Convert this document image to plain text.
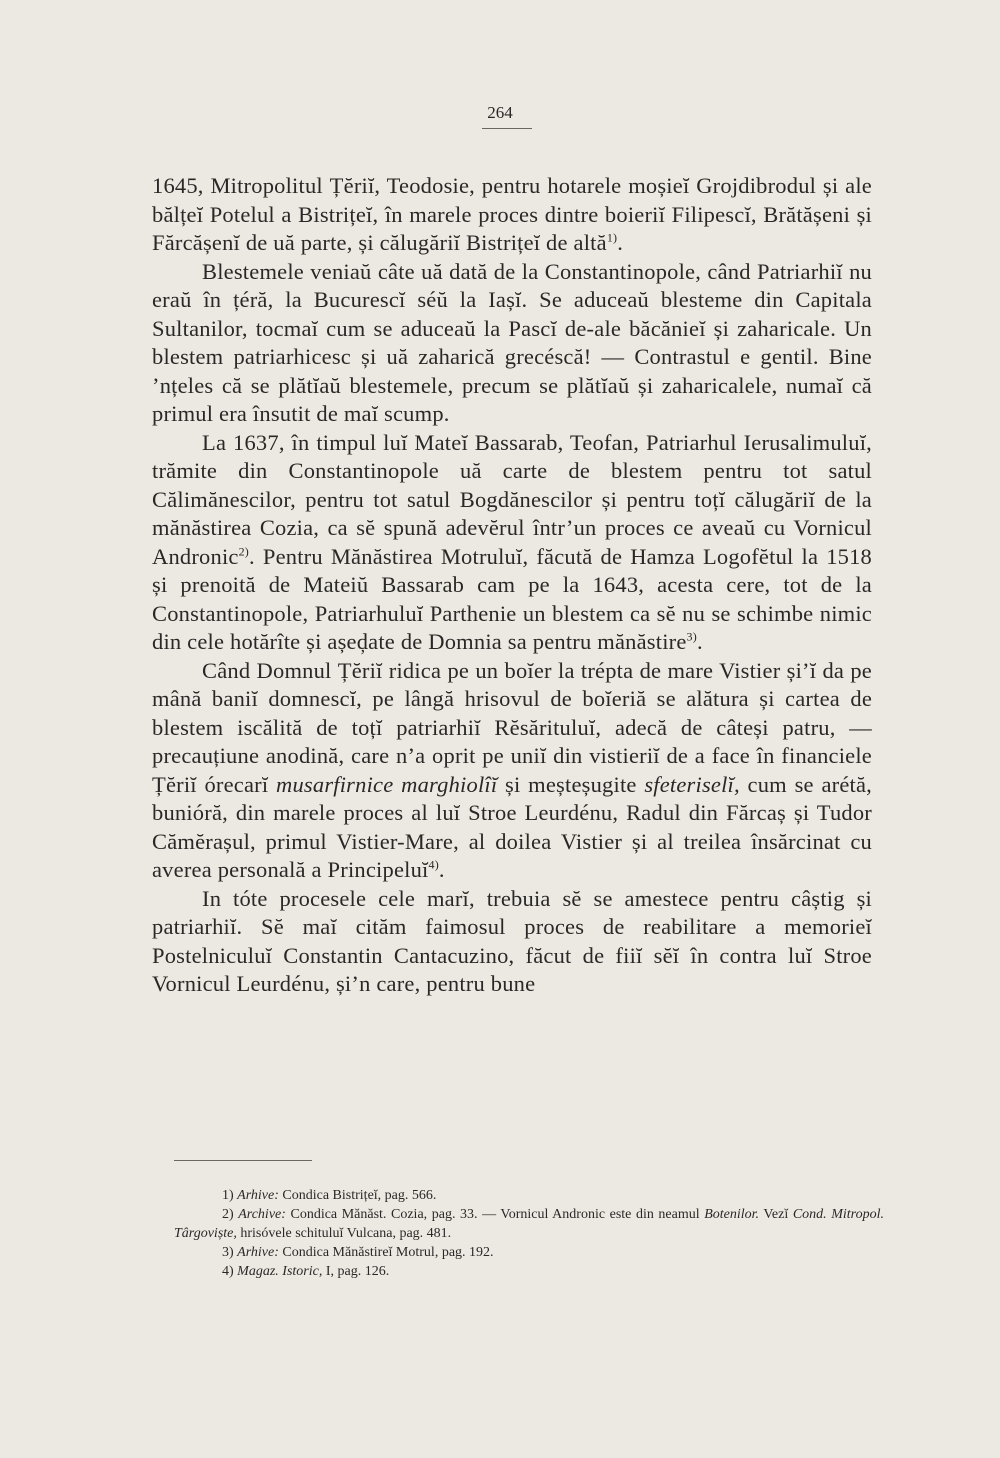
264

1645, Mitropolitul Țĕriĭ, Teodosie, pentru hotarele moșieĭ Grojdibrodul și ale bălțeĭ Potelul a Bistrițeĭ, în marele proces dintre boieriĭ Filipescĭ, Brătășeni și Fărcășenĭ de uă parte, și călugăriĭ Bistrițeĭ de altă$^{1)}$.

Blestemele veniaŭ câte uă dată de la Constantinopole, când Patriarhiĭ nu eraŭ în țéră, la Bucurescĭ séŭ la Iașĭ. Se aduceaŭ blesteme din Capitala Sultanilor, tocmaĭ cum se aduceaŭ la Pascĭ de-ale băcănieĭ și zaharicale. Un blestem patriarhicesc și uă zaharică grecéscă! — Contrastul e gentil. Bine ’nțeles că se plătĭaŭ blestemele, precum se plătĭaŭ și zaharicalele, numaĭ că primul era însutit de maĭ scump.

La 1637, în timpul luĭ Mateĭ Bassarab, Teofan, Patriarhul Ierusalimuluĭ, trămite din Constantinopole uă carte de blestem pentru tot satul Călimănescilor, pentru tot satul Bogdănescilor și pentru toțĭ călugăriĭ de la mănăstirea Cozia, ca sĕ spună adevĕrul într’un proces ce aveaŭ cu Vornicul Andronic$^{2)}$. Pentru Mănăstirea Motruluĭ, făcută de Hamza Logofĕtul la 1518 și prenoită de Mateiŭ Bassarab cam pe la 1643, acesta cere, tot de la Constantinopole, Patriarhuluĭ Parthenie un blestem ca sĕ nu se schimbe nimic din cele hotărîte și așeḑate de Domnia sa pentru mănăstire$^{3)}$.

Când Domnul Țĕriĭ ridica pe un boĭer la trépta de mare Vistier și’ĭ da pe mână baniĭ domnescĭ, pe lângă hrisovul de boĭeriă se alătura și cartea de blestem iscălită de toțĭ patriarhiĭ Rĕsărituluĭ, adecă de câteși patru, — precauțiune anodină, care n’a oprit pe uniĭ din vistieriĭ de a face în finanсiele Țĕriĭ órecarĭ musarfirnice marghiolîĭ și meșteșugite sfeteriselĭ, cum se arétă, bunióră, din marele proces al luĭ Stroe Leurdénu, Radul din Fărcaș și Tudor Cămĕrașul, primul Vistier-Mare, al doilea Vistier și al treilea însărcinat cu averea personală a Principeluĭ$^{4)}$.

In tóte procesele cele marĭ, trebuia sĕ se amestece pentru câștig și patriarhiĭ. Sĕ maĭ cităm faimosul proces de reabilitare a memorieĭ Postelniculuĭ Constantin Cantacuzino, făcut de fiiĭ sĕĭ în contra luĭ Stroe Vornicul Leurdénu, și’n care, pentru bune

1) Arhive: Condica Bistrițeĭ, pag. 566.

2) Archive: Condica Mănăst. Cozia, pag. 33. — Vornicul Andronic este din neamul Botenilor. Vezĭ Cond. Mitropol. Târgoviște, hrisóvele schituluĭ Vulcana, pag. 481.

3) Arhive: Condica Mănăstireĭ Motrul, pag. 192.

4) Magaz. Istoric, I, pag. 126.
